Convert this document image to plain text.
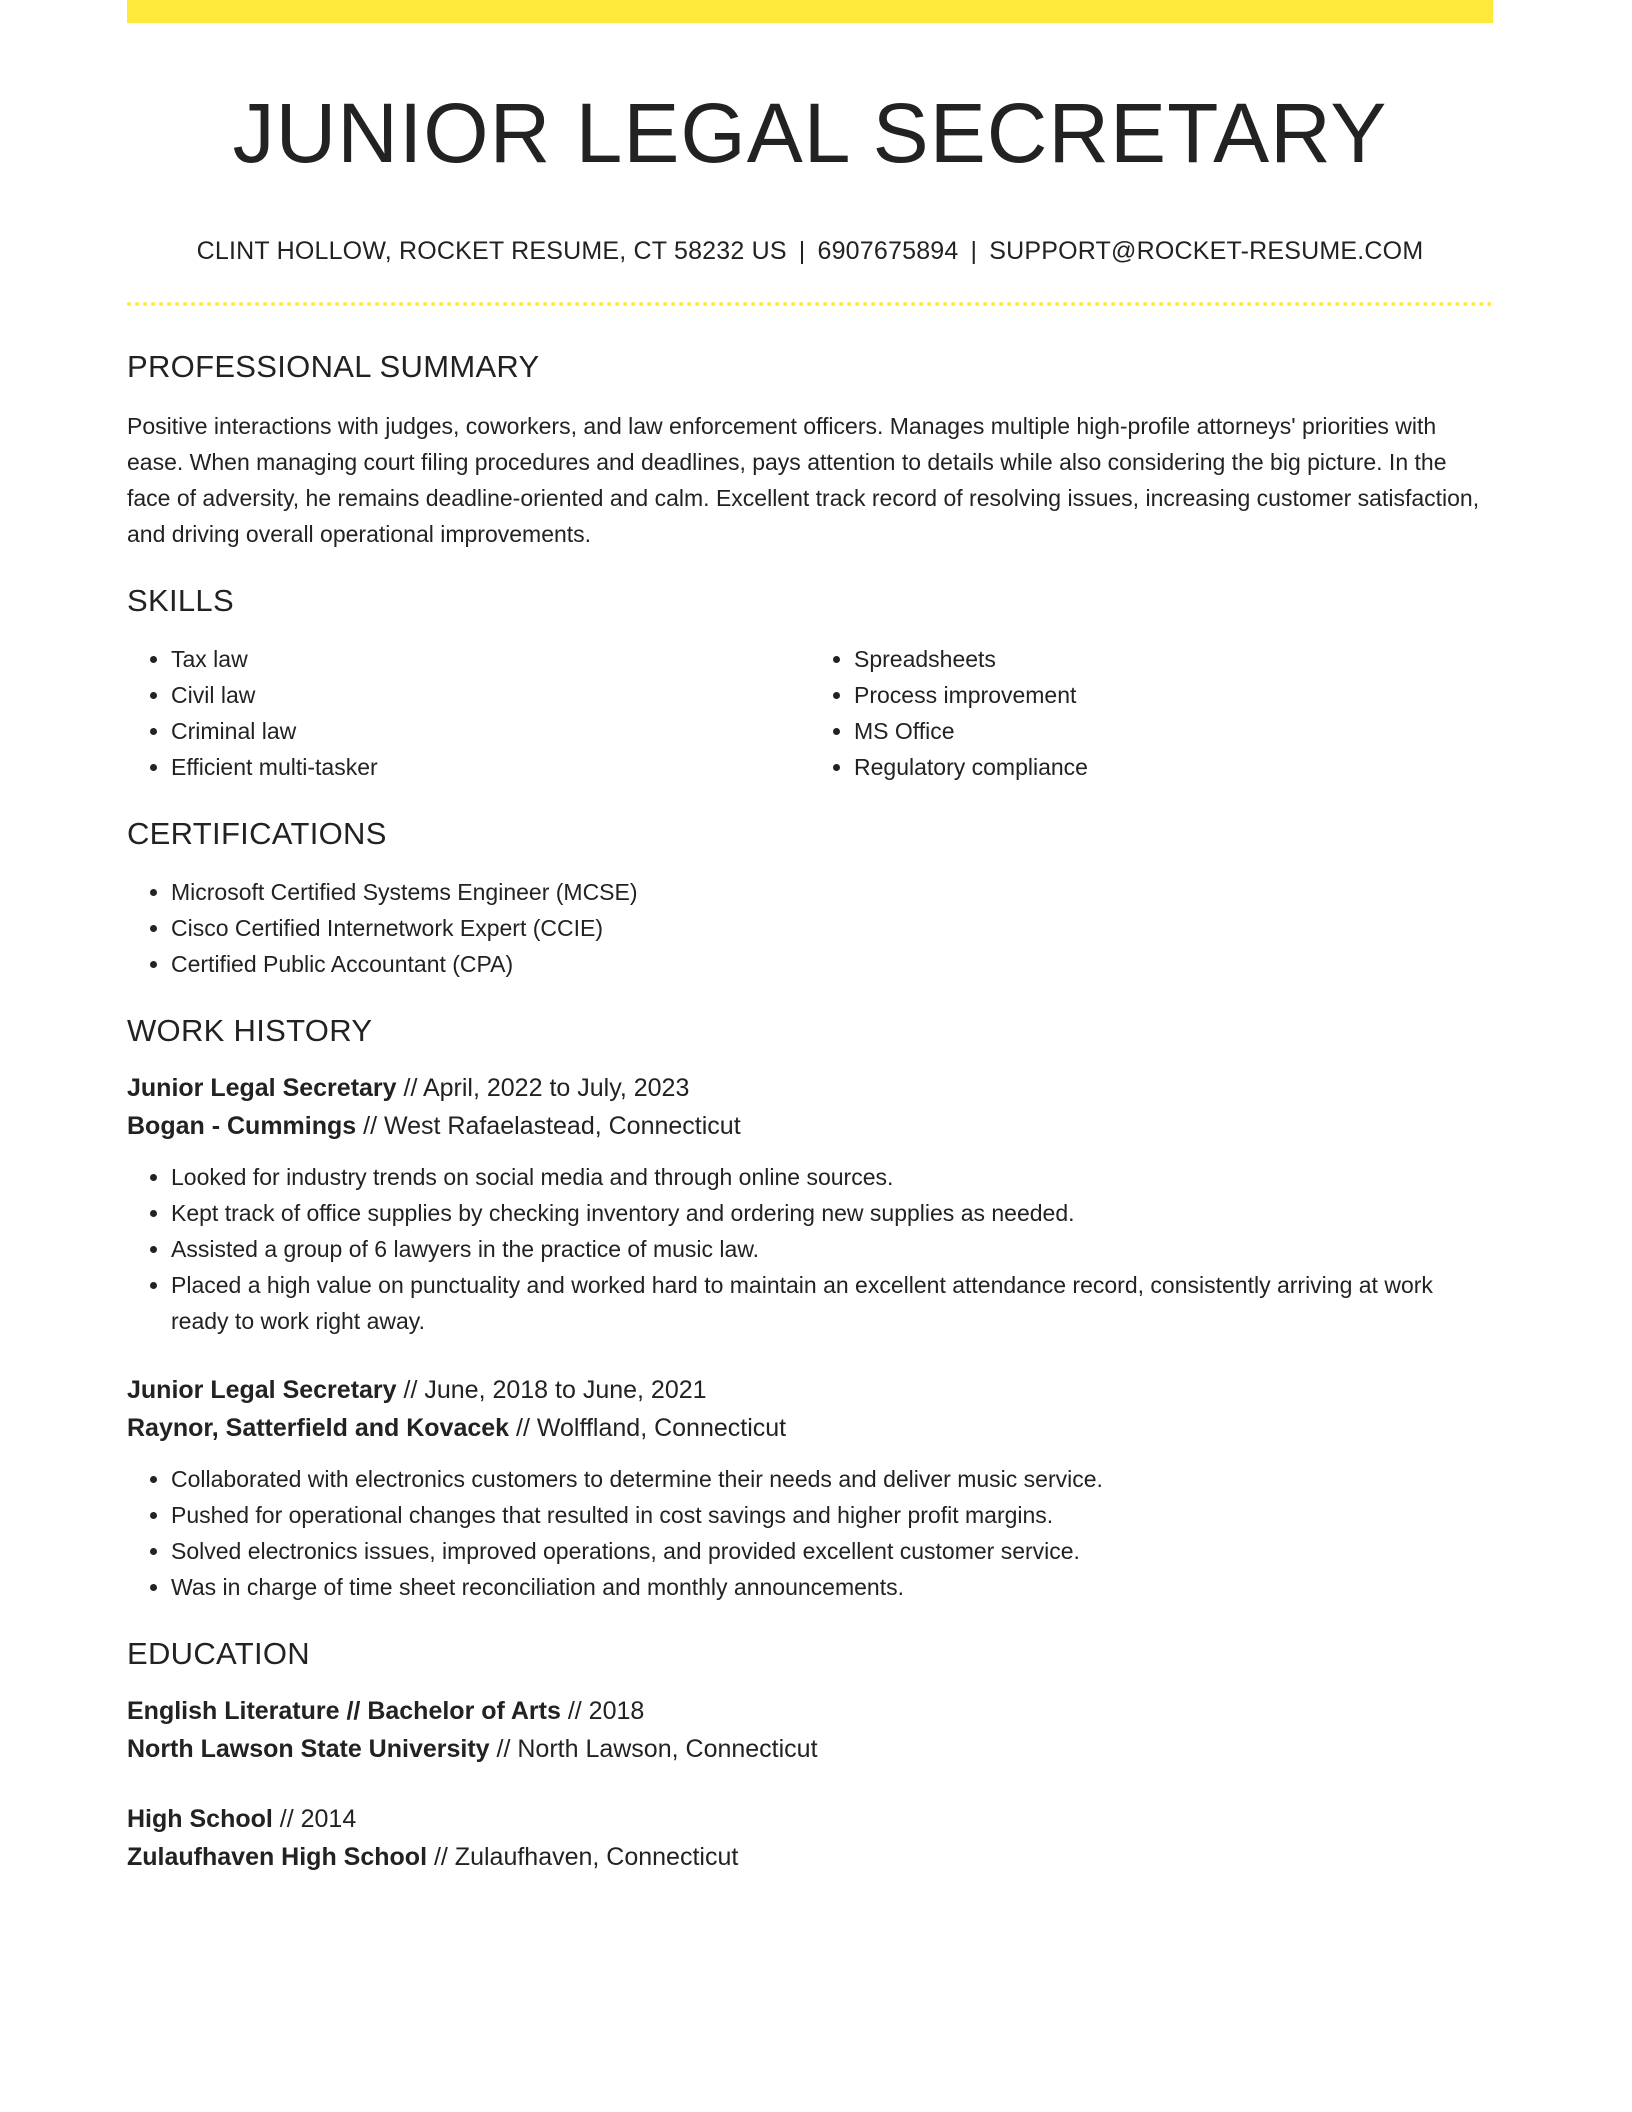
JUNIOR LEGAL SECRETARY
CLINT HOLLOW, ROCKET RESUME, CT 58232 US | 6907675894 | SUPPORT@ROCKET-RESUME.COM
PROFESSIONAL SUMMARY

Positive interactions with judges, coworkers, and law enforcement officers. Manages multiple high-profile attorneys' priorities with ease. When managing court filing procedures and deadlines, pays attention to details while also considering the big picture. In the face of adversity, he remains deadline-oriented and calm. Excellent track record of resolving issues, increasing customer satisfaction, and driving overall operational improvements.

SKILLS
• Tax law
• Civil law
• Criminal law
• Efficient multi-tasker
• Spreadsheets
• Process improvement
• MS Office
• Regulatory compliance
CERTIFICATIONS
• Microsoft Certified Systems Engineer (MCSE)
• Cisco Certified Internetwork Expert (CCIE)
• Certified Public Accountant (CPA)
WORK HISTORY
Junior Legal Secretary // April, 2022 to July, 2023
Bogan - Cummings // West Rafaelastead, Connecticut
• Looked for industry trends on social media and through online sources.
• Kept track of office supplies by checking inventory and ordering new supplies as needed.
• Assisted a group of 6 lawyers in the practice of music law.
• Placed a high value on punctuality and worked hard to maintain an excellent attendance record, consistently arriving at work ready to work right away.
Junior Legal Secretary // June, 2018 to June, 2021
Raynor, Satterfield and Kovacek // Wolffland, Connecticut
• Collaborated with electronics customers to determine their needs and deliver music service.
• Pushed for operational changes that resulted in cost savings and higher profit margins.
• Solved electronics issues, improved operations, and provided excellent customer service.
• Was in charge of time sheet reconciliation and monthly announcements.
EDUCATION
English Literature // Bachelor of Arts // 2018
North Lawson State University // North Lawson, Connecticut
High School // 2014
Zulaufhaven High School // Zulaufhaven, Connecticut
